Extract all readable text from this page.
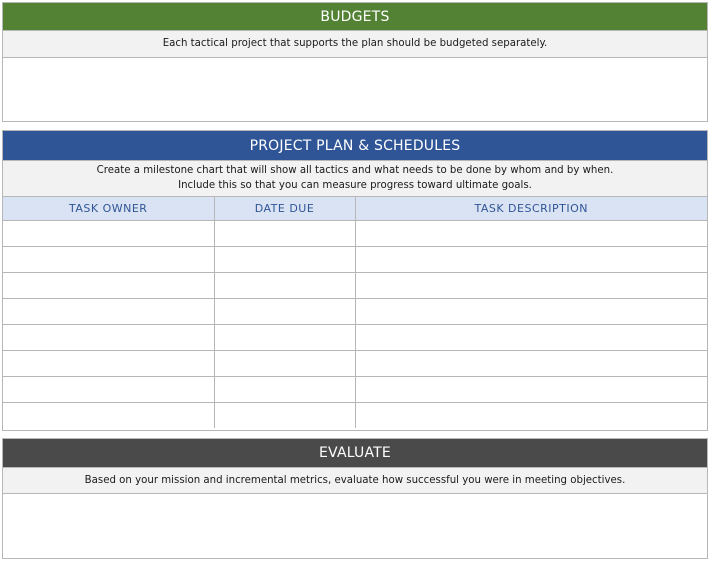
BUDGETS
Each tactical project that supports the plan should be budgeted separately.
PROJECT PLAN & SCHEDULES
Create a milestone chart that will show all tactics and what needs to be done by whom and by when.
Include this so that you can measure progress toward ultimate goals.
TASK OWNER	DATE DUE	TASK DESCRIPTION

EVALUATE
Based on your mission and incremental metrics, evaluate how successful you were in meeting objectives.
